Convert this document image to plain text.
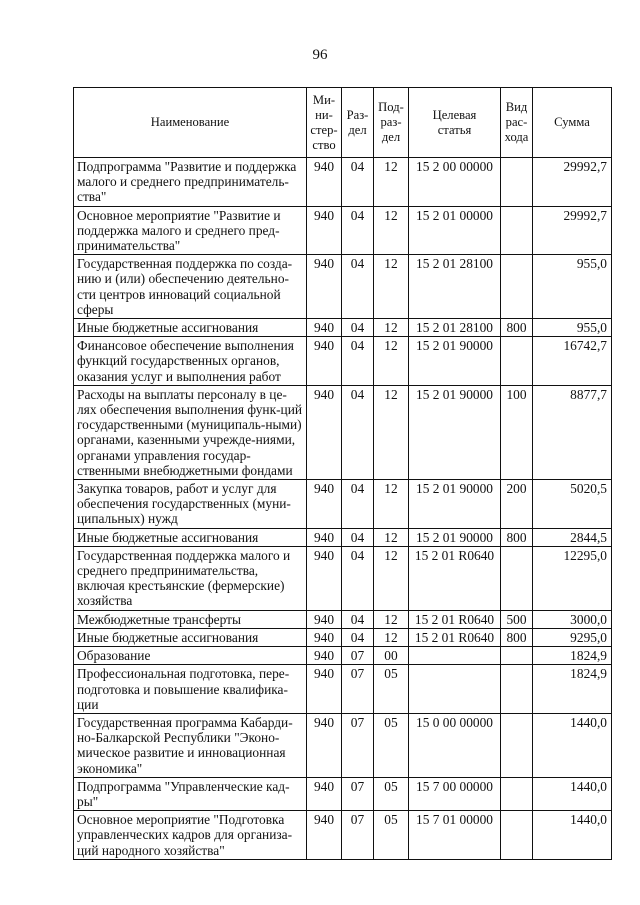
96
Наименование	Ми-
ни-
стер-
ство	Раз-
дел	Под-
раз-
дел	Целевая
статья	Вид
рас-
хода	Сумма
Подпрограмма "Развитие и поддержка малого и среднего предприниматель-ства"	940	04	12	15 2 00 00000		29992,7
Основное мероприятие "Развитие и поддержка малого и среднего пред-принимательства"	940	04	12	15 2 01 00000		29992,7
Государственная поддержка по созда-нию и (или) обеспечению деятельно-сти центров инноваций социальной сферы	940	04	12	15 2 01 28100		955,0
Иные бюджетные ассигнования	940	04	12	15 2 01 28100	800	955,0
Финансовое обеспечение выполнения функций государственных органов, оказания услуг и выполнения работ	940	04	12	15 2 01 90000		16742,7
Расходы на выплаты персоналу в це-лях обеспечения выполнения функ-ций государственными (муниципаль-ными) органами, казенными учрежде-ниями, органами управления государ-ственными внебюджетными фондами	940	04	12	15 2 01 90000	100	8877,7
Закупка товаров, работ и услуг для обеспечения государственных (муни-ципальных) нужд	940	04	12	15 2 01 90000	200	5020,5
Иные бюджетные ассигнования	940	04	12	15 2 01 90000	800	2844,5
Государственная поддержка малого и среднего предпринимательства, включая крестьянские (фермерские) хозяйства	940	04	12	15 2 01 R0640		12295,0
Межбюджетные трансферты	940	04	12	15 2 01 R0640	500	3000,0
Иные бюджетные ассигнования	940	04	12	15 2 01 R0640	800	9295,0
Образование	940	07	00			1824,9
Профессиональная подготовка, пере-подготовка и повышение квалифика-ции	940	07	05			1824,9
Государственная программа Кабарди-но-Балкарской Республики "Эконо-мическое развитие и инновационная экономика"	940	07	05	15 0 00 00000		1440,0
Подпрограмма "Управленческие кад-ры"	940	07	05	15 7 00 00000		1440,0
Основное мероприятие "Подготовка управленческих кадров для организа-ций народного хозяйства"	940	07	05	15 7 01 00000		1440,0
